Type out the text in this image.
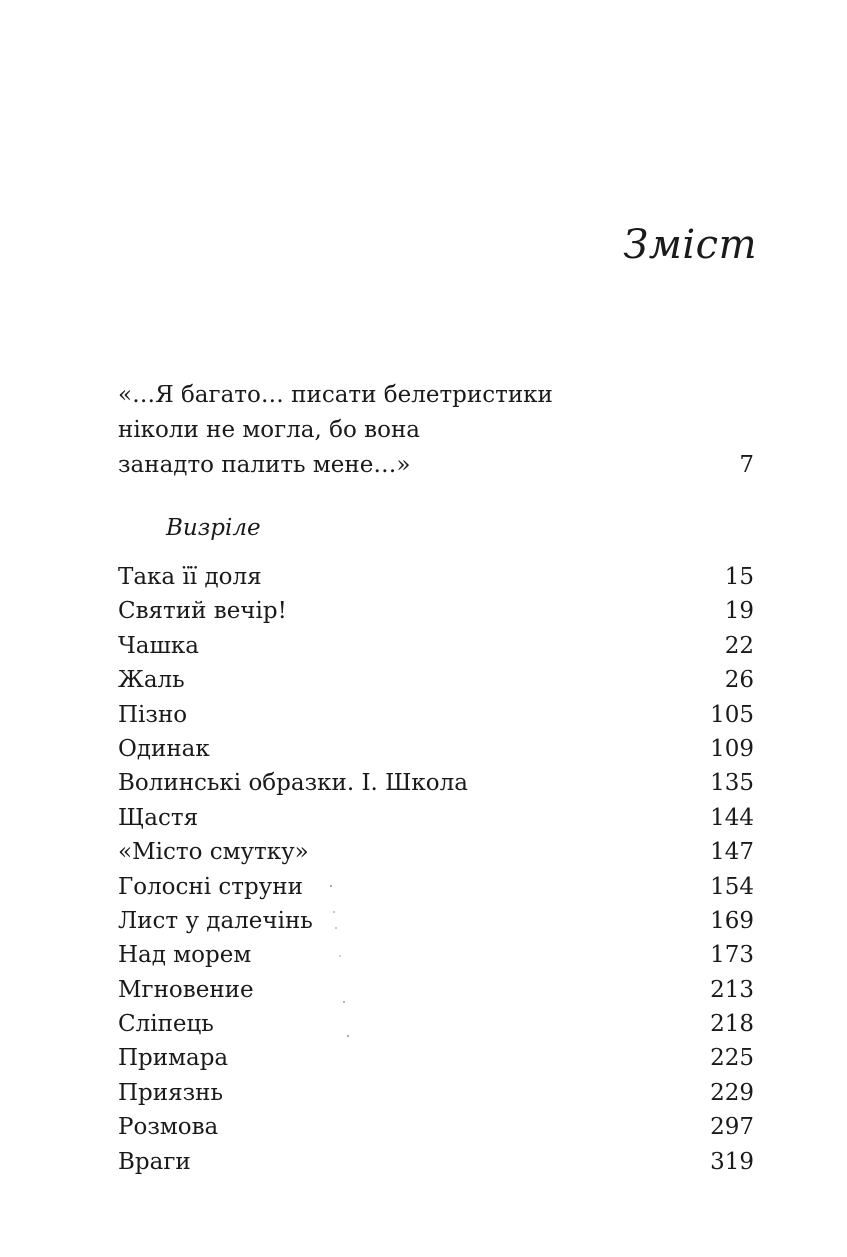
Зміст
«…Я багато… писати белетристики
ніколи не могла, бо вона
занадто палить мене…»	7
Визріле
Така її доля	15
Святий вечір!	19
Чашка	22
Жаль	26
Пізно	105
Одинак	109
Волинські образки. І. Школа	135
Щастя	144
«Місто смутку»	147
Голосні струни	154
Лист у далечінь	169
Над морем	173
Мгновение	213
Сліпець	218
Примара	225
Приязнь	229
Розмова	297
Враги	319
